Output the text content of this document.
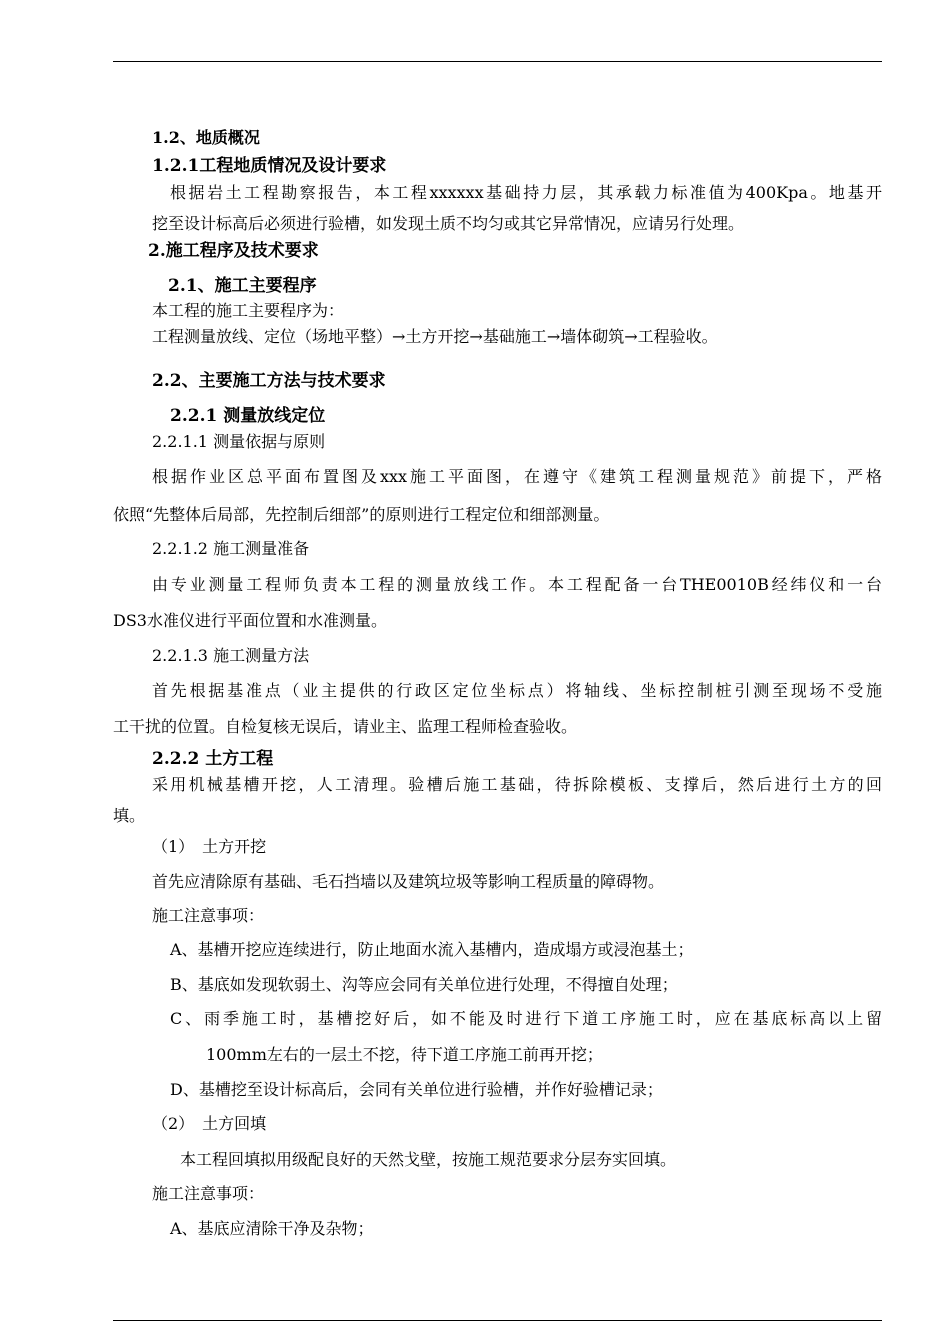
1.2、地质概况
1.2.1工程地质情况及设计要求
根据岩土工程勘察报告，本工程xxxxxx基础持力层，其承载力标准值为400Kpa。地基开
挖至设计标高后必须进行验槽，如发现土质不均匀或其它异常情况，应请另行处理。
2.施工程序及技术要求
2.1、施工主要程序
本工程的施工主要程序为：
工程测量放线、定位（场地平整）→土方开挖→基础施工→墙体砌筑→工程验收。
2.2、主要施工方法与技术要求
2.2.1 测量放线定位
2.2.1.1 测量依据与原则
根据作业区总平面布置图及xxx施工平面图，在遵守《建筑工程测量规范》前提下，严格
依照“先整体后局部，先控制后细部”的原则进行工程定位和细部测量。
2.2.1.2 施工测量准备
由专业测量工程师负责本工程的测量放线工作。本工程配备一台THE0010B经纬仪和一台
DS3水准仪进行平面位置和水准测量。
2.2.1.3 施工测量方法
首先根据基准点（业主提供的行政区定位坐标点）将轴线、坐标控制桩引测至现场不受施
工干扰的位置。自检复核无误后，请业主、监理工程师检查验收。
2.2.2 土方工程
采用机械基槽开挖，人工清理。验槽后施工基础，待拆除模板、支撑后，然后进行土方的回
填。
（1）　土方开挖
首先应清除原有基础、毛石挡墙以及建筑垃圾等影响工程质量的障碍物。
施工注意事项：
A、基槽开挖应连续进行，防止地面水流入基槽内，造成塌方或浸泡基土；
B、基底如发现软弱土、沟等应会同有关单位进行处理，不得擅自处理；
C、雨季施工时，基槽挖好后，如不能及时进行下道工序施工时，应在基底标高以上留
100mm左右的一层土不挖，待下道工序施工前再开挖；
D、基槽挖至设计标高后，会同有关单位进行验槽，并作好验槽记录；
（2）　土方回填
本工程回填拟用级配良好的天然戈壁，按施工规范要求分层夯实回填。
施工注意事项：
A、基底应清除干净及杂物；
